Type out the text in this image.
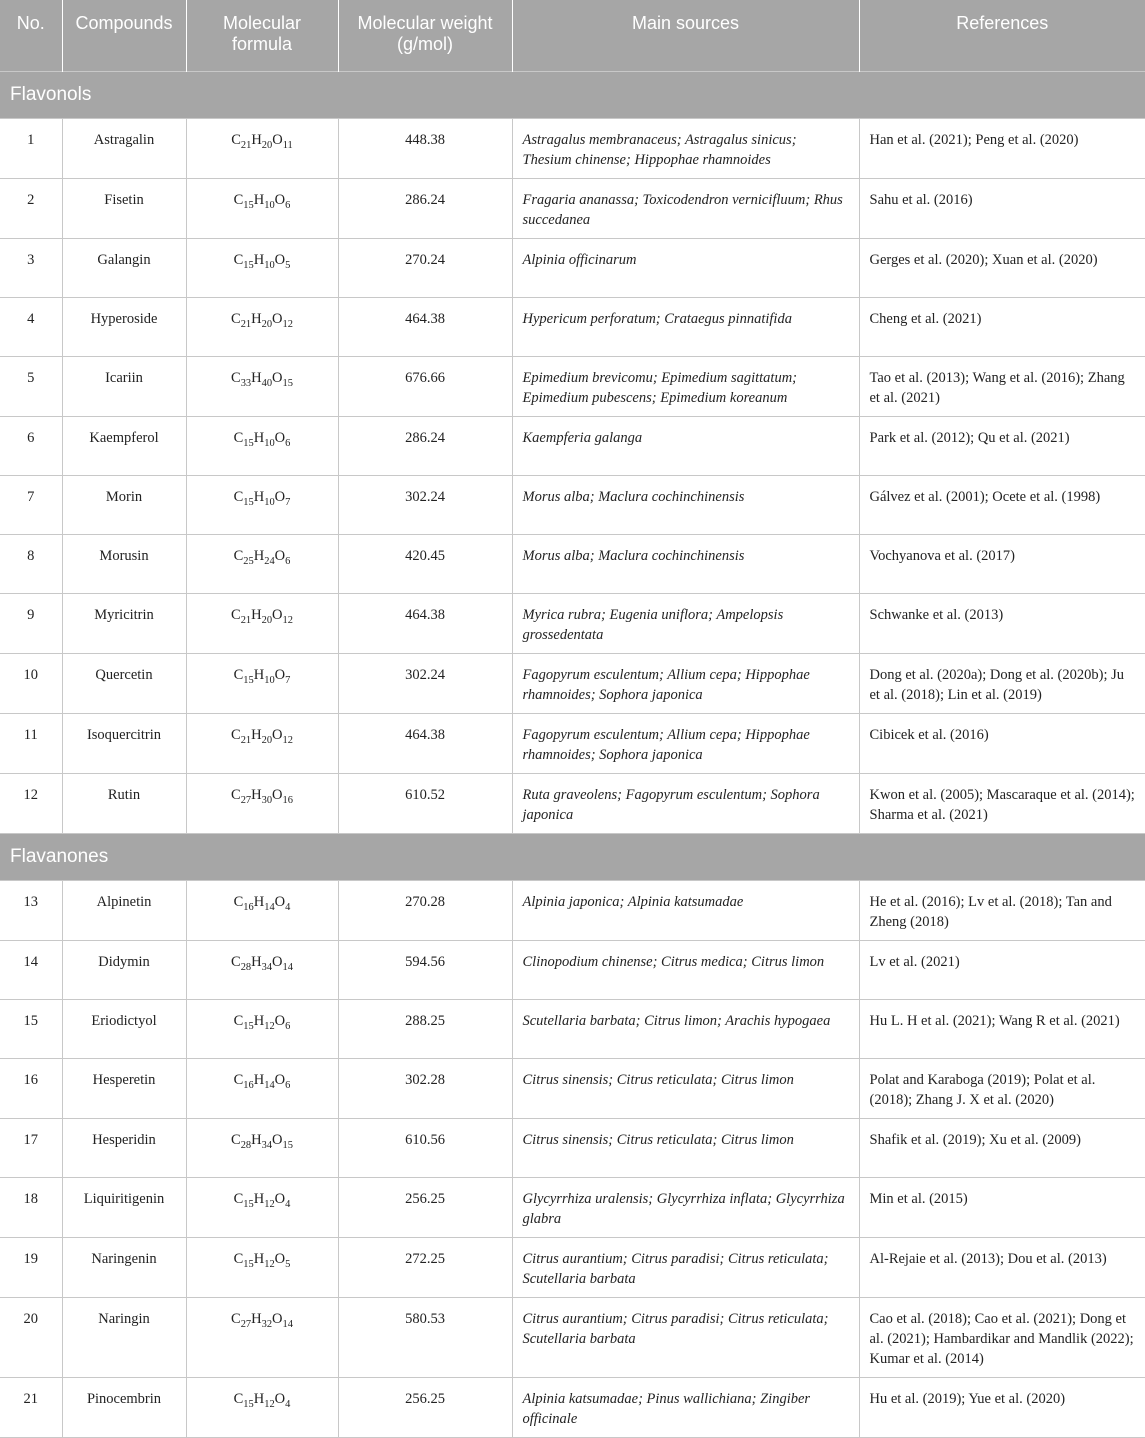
No.	Compounds	Molecular formula	Molecular weight (g/mol)	Main sources	References
Flavonols					
1	Astragalin	$C_{21}H_{20}O_{11}$	448.38	Astragalus membranaceus; Astragalus sinicus; Thesium chinense; Hippophae rhamnoides	Han et al. (2021); Peng et al. (2020)
2	Fisetin	$C_{15}H_{10}O_6$	286.24	Fragaria ananassa; Toxicodendron vernicifluum; Rhus succedanea	Sahu et al. (2016)
3	Galangin	$C_{15}H_{10}O_5$	270.24	Alpinia officinarum	Gerges et al. (2020); Xuan et al. (2020)
4	Hyperoside	$C_{21}H_{20}O_{12}$	464.38	Hypericum perforatum; Crataegus pinnatifida	Cheng et al. (2021)
5	Icariin	$C_{33}H_{40}O_{15}$	676.66	Epimedium brevicomu; Epimedium sagittatum; Epimedium pubescens; Epimedium koreanum	Tao et al. (2013); Wang et al. (2016); Zhang et al. (2021)
6	Kaempferol	$C_{15}H_{10}O_6$	286.24	Kaempferia galanga	Park et al. (2012); Qu et al. (2021)
7	Morin	$C_{15}H_{10}O_7$	302.24	Morus alba; Maclura cochinchinensis	Gálvez et al. (2001); Ocete et al. (1998)
8	Morusin	$C_{25}H_{24}O_6$	420.45	Morus alba; Maclura cochinchinensis	Vochyanova et al. (2017)
9	Myricitrin	$C_{21}H_{20}O_{12}$	464.38	Myrica rubra; Eugenia uniflora; Ampelopsis grossedentata	Schwanke et al. (2013)
10	Quercetin	$C_{15}H_{10}O_7$	302.24	Fagopyrum esculentum; Allium cepa; Hippophae rhamnoides; Sophora japonica	Dong et al. (2020a); Dong et al. (2020b); Ju et al. (2018); Lin et al. (2019)
11	Isoquercitrin	$C_{21}H_{20}O_{12}$	464.38	Fagopyrum esculentum; Allium cepa; Hippophae rhamnoides; Sophora japonica	Cibicek et al. (2016)
12	Rutin	$C_{27}H_{30}O_{16}$	610.52	Ruta graveolens; Fagopyrum esculentum; Sophora japonica	Kwon et al. (2005); Mascaraque et al. (2014); Sharma et al. (2021)
Flavanones					
13	Alpinetin	$C_{16}H_{14}O_4$	270.28	Alpinia japonica; Alpinia katsumadae	He et al. (2016); Lv et al. (2018); Tan and Zheng (2018)
14	Didymin	$C_{28}H_{34}O_{14}$	594.56	Clinopodium chinense; Citrus medica; Citrus limon	Lv et al. (2021)
15	Eriodictyol	$C_{15}H_{12}O_6$	288.25	Scutellaria barbata; Citrus limon; Arachis hypogaea	Hu L. H et al. (2021); Wang R et al. (2021)
16	Hesperetin	$C_{16}H_{14}O_6$	302.28	Citrus sinensis; Citrus reticulata; Citrus limon	Polat and Karaboga (2019); Polat et al. (2018); Zhang J. X et al. (2020)
17	Hesperidin	$C_{28}H_{34}O_{15}$	610.56	Citrus sinensis; Citrus reticulata; Citrus limon	Shafik et al. (2019); Xu et al. (2009)
18	Liquiritigenin	$C_{15}H_{12}O_4$	256.25	Glycyrrhiza uralensis; Glycyrrhiza inflata; Glycyrrhiza glabra	Min et al. (2015)
19	Naringenin	$C_{15}H_{12}O_5$	272.25	Citrus aurantium; Citrus paradisi; Citrus reticulata; Scutellaria barbata	Al-Rejaie et al. (2013); Dou et al. (2013)
20	Naringin	$C_{27}H_{32}O_{14}$	580.53	Citrus aurantium; Citrus paradisi; Citrus reticulata; Scutellaria barbata	Cao et al. (2018); Cao et al. (2021); Dong et al. (2021); Hambardikar and Mandlik (2022); Kumar et al. (2014)
21	Pinocembrin	$C_{15}H_{12}O_4$	256.25	Alpinia katsumadae; Pinus wallichiana; Zingiber officinale	Hu et al. (2019); Yue et al. (2020)
